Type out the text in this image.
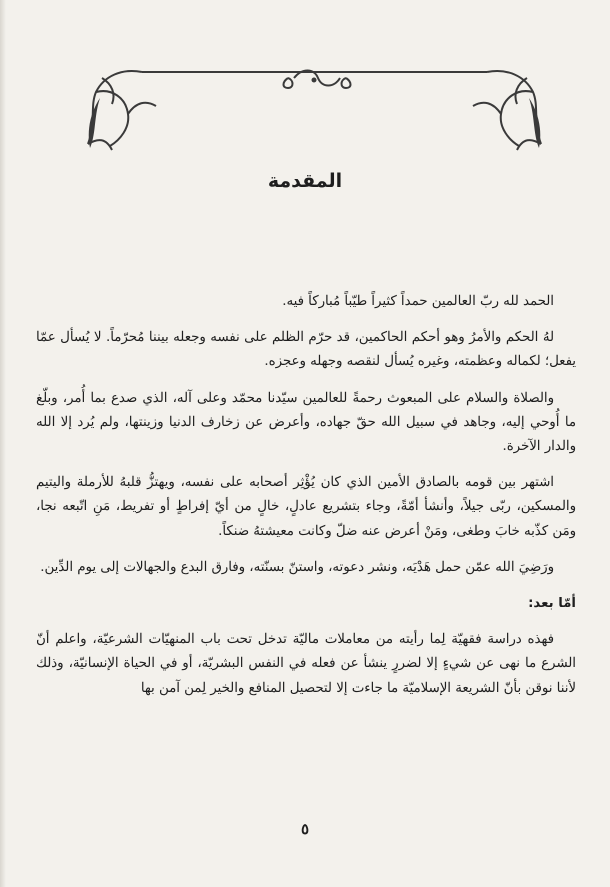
المقدمة

الحمد لله ربّ العالمين حمداً كثيراً طيّباً مُباركاً فيه.

لهُ الحكم والأمرُ وهو أحكم الحاكمين، قد حرّم الظلم على نفسه وجعله بيننا مُحرّماً. لا يُسأل عمّا يفعل؛ لكماله وعظمته، وغيره يُسأل لنقصه وجهله وعجزه.

والصلاة والسلام على المبعوث رحمةً للعالمين سيّدنا محمّد وعلى آله، الذي صدع بما أُمر، وبلّغ ما أُوحي إليه، وجاهد في سبيل الله حقّ جهاده، وأعرض عن زخارف الدنيا وزينتها، ولم يُرد إلا الله والدار الآخرة.

اشتهر بين قومه بالصادق الأمين الذي كان يُؤْثِر أصحابه على نفسه، ويهتزُّ قلبهُ للأرملة واليتيم والمسكين، ربّى جيلاً، وأنشأ أمّةً، وجاء بتشريع عادلٍ، خالٍ من أيّ إفراطٍ أو تفريط، مَنِ اتّبعه نجا، ومَن كذّبه خابَ وطغى، ومَنْ أعرض عنه ضلّ وكانت معيشتهُ ضنكاً.

ورَضِيَ الله عمّن حمل هَدْيَه، ونشر دعوته، واستنّ بسنّته، وفارق البدع والجهالات إلى يوم الدِّين.

أمّا بعد:

فهذه دراسة فقهيّة لِما رأيته من معاملات ماليّة تدخل تحت باب المنهيّات الشرعيّة، واعلم أنّ الشرع ما نهى عن شيءٍ إلا لضررٍ ينشأ عن فعله في النفس البشريّة، أو في الحياة الإنسانيّة، وذلك لأننا نوقن بأنّ الشريعة الإسلاميّة ما جاءت إلا لتحصيل المنافع والخير لِمن آمن بها

٥
